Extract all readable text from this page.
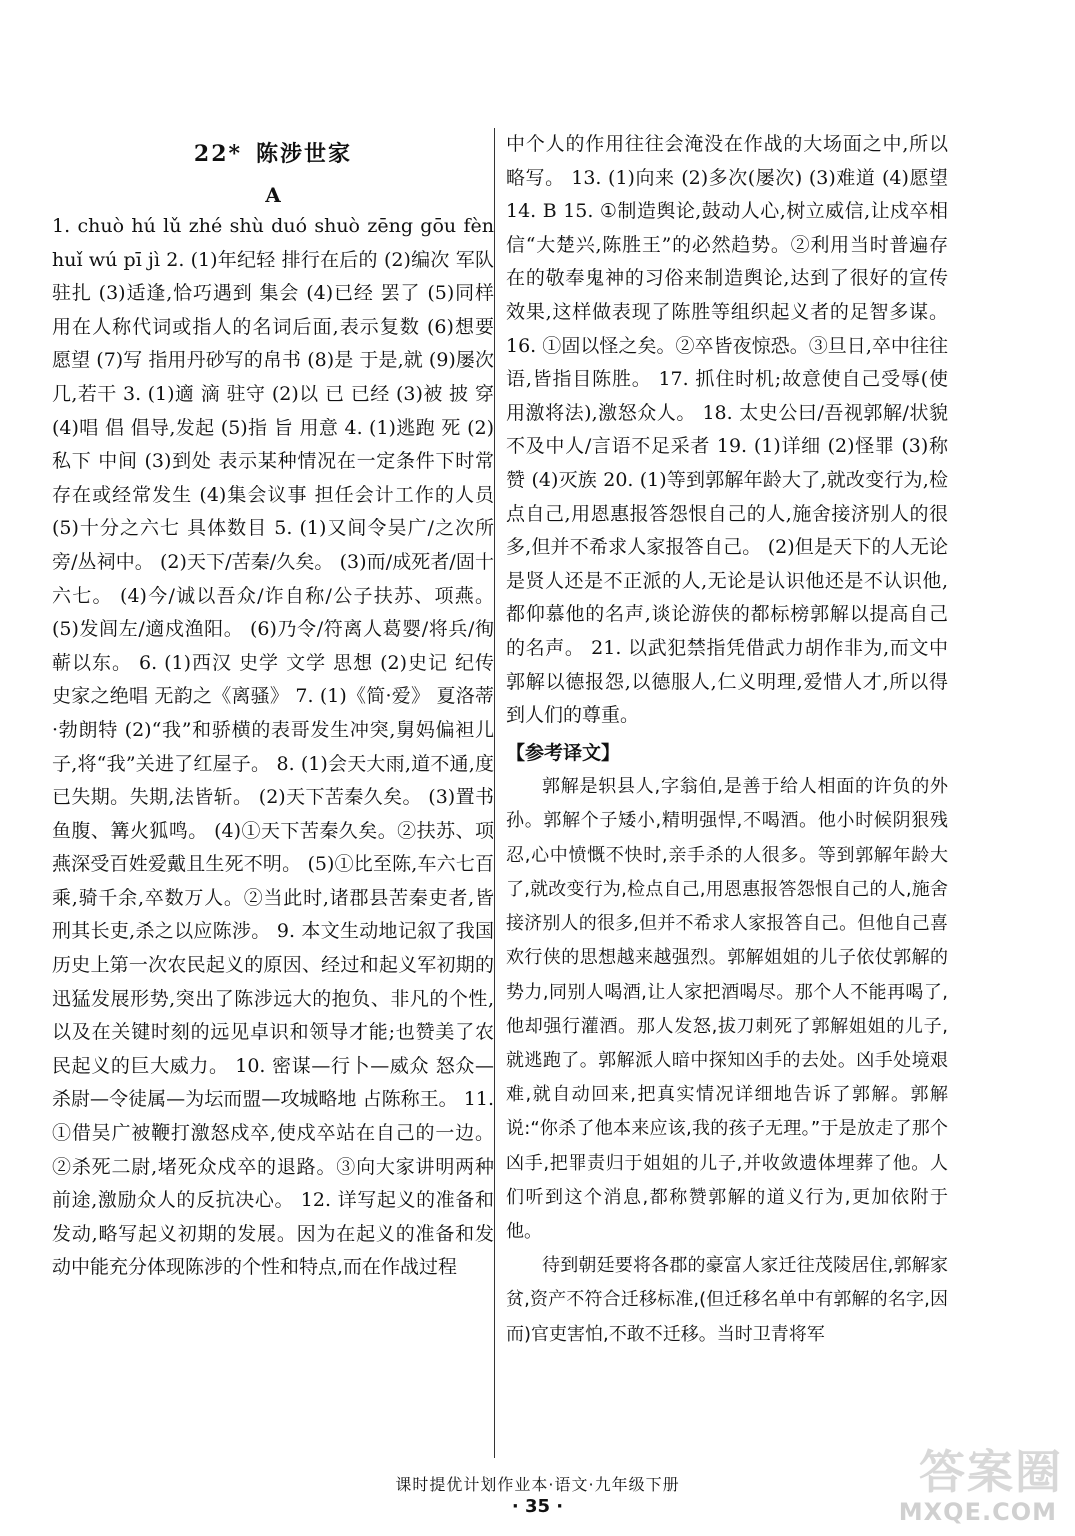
22* 陈涉世家
A

1. chuò hú lǔ zhé shù duó shuò zēng gōu fèn huǐ wú pī jì 2. (1)年纪轻 排行在后的 (2)编次 军队驻扎 (3)适逢,恰巧遇到 集会 (4)已经 罢了 (5)同样 用在人称代词或指人的名词后面,表示复数 (6)想要 愿望 (7)写 指用丹砂写的帛书 (8)是 于是,就 (9)屡次 几,若干 3. (1)適 滴 驻守 (2)以 已 已经 (3)被 披 穿 (4)唱 倡 倡导,发起 (5)指 旨 用意 4. (1)逃跑 死 (2)私下 中间 (3)到处 表示某种情况在一定条件下时常存在或经常发生 (4)集会议事 担任会计工作的人员 (5)十分之六七 具体数目 5. (1)又间令吴广/之次所旁/丛祠中。 (2)天下/苦秦/久矣。 (3)而/成死者/固十六七。 (4)今/诚以吾众/诈自称/公子扶苏、项燕。 (5)发闾左/適戍渔阳。 (6)乃令/符离人葛婴/将兵/徇蕲以东。 6. (1)西汉 史学 文学 思想 (2)史记 纪传 史家之绝唱 无韵之《离骚》 7. (1)《简·爱》 夏洛蒂·勃朗特 (2)“我”和骄横的表哥发生冲突,舅妈偏袒儿子,将“我”关进了红屋子。 8. (1)会天大雨,道不通,度已失期。失期,法皆斩。 (2)天下苦秦久矣。 (3)置书鱼腹、篝火狐鸣。 (4)①天下苦秦久矣。②扶苏、项燕深受百姓爱戴且生死不明。 (5)①比至陈,车六七百乘,骑千余,卒数万人。②当此时,诸郡县苦秦吏者,皆刑其长吏,杀之以应陈涉。 9. 本文生动地记叙了我国历史上第一次农民起义的原因、经过和起义军初期的迅猛发展形势,突出了陈涉远大的抱负、非凡的个性,以及在关键时刻的远见卓识和领导才能;也赞美了农民起义的巨大威力。 10. 密谋—行卜—威众 怒众—杀尉—令徒属—为坛而盟—攻城略地 占陈称王。 11. ①借吴广被鞭打激怒戍卒,使戍卒站在自己的一边。②杀死二尉,堵死众戍卒的退路。③向大家讲明两种前途,激励众人的反抗决心。 12. 详写起义的准备和发动,略写起义初期的发展。因为在起义的准备和发动中能充分体现陈涉的个性和特点,而在作战过程

中个人的作用往往会淹没在作战的大场面之中,所以略写。 13. (1)向来 (2)多次(屡次) (3)难道 (4)愿望 14. B 15. ①制造舆论,鼓动人心,树立威信,让戍卒相信“大楚兴,陈胜王”的必然趋势。②利用当时普遍存在的敬奉鬼神的习俗来制造舆论,达到了很好的宣传效果,这样做表现了陈胜等组织起义者的足智多谋。 16. ①固以怪之矣。②卒皆夜惊恐。③旦日,卒中往往语,皆指目陈胜。 17. 抓住时机;故意使自己受辱(使用激将法),激怒众人。 18. 太史公曰/吾视郭解/状貌不及中人/言语不足采者 19. (1)详细 (2)怪罪 (3)称赞 (4)灭族 20. (1)等到郭解年龄大了,就改变行为,检点自己,用恩惠报答怨恨自己的人,施舍接济别人的很多,但并不希求人家报答自己。 (2)但是天下的人无论是贤人还是不正派的人,无论是认识他还是不认识他,都仰慕他的名声,谈论游侠的都标榜郭解以提高自己的名声。 21. 以武犯禁指凭借武力胡作非为,而文中郭解以德报怨,以德服人,仁义明理,爱惜人才,所以得到人们的尊重。

【参考译文】

郭解是轵县人,字翁伯,是善于给人相面的许负的外孙。郭解个子矮小,精明强悍,不喝酒。他小时候阴狠残忍,心中愤慨不快时,亲手杀的人很多。等到郭解年龄大了,就改变行为,检点自己,用恩惠报答怨恨自己的人,施舍接济别人的很多,但并不希求人家报答自己。但他自己喜欢行侠的思想越来越强烈。郭解姐姐的儿子依仗郭解的势力,同别人喝酒,让人家把酒喝尽。那个人不能再喝了,他却强行灌酒。那人发怒,拔刀刺死了郭解姐姐的儿子,就逃跑了。郭解派人暗中探知凶手的去处。凶手处境艰难,就自动回来,把真实情况详细地告诉了郭解。郭解说:“你杀了他本来应该,我的孩子无理。”于是放走了那个凶手,把罪责归于姐姐的儿子,并收敛遗体埋葬了他。人们听到这个消息,都称赞郭解的道义行为,更加依附于他。

待到朝廷要将各郡的豪富人家迁往茂陵居住,郭解家贫,资产不符合迁移标准,(但迁移名单中有郭解的名字,因而)官吏害怕,不敢不迁移。当时卫青将军

课时提优计划作业本·语文·九年级下册
· 35 ·
答案圈
MXQE.COM
